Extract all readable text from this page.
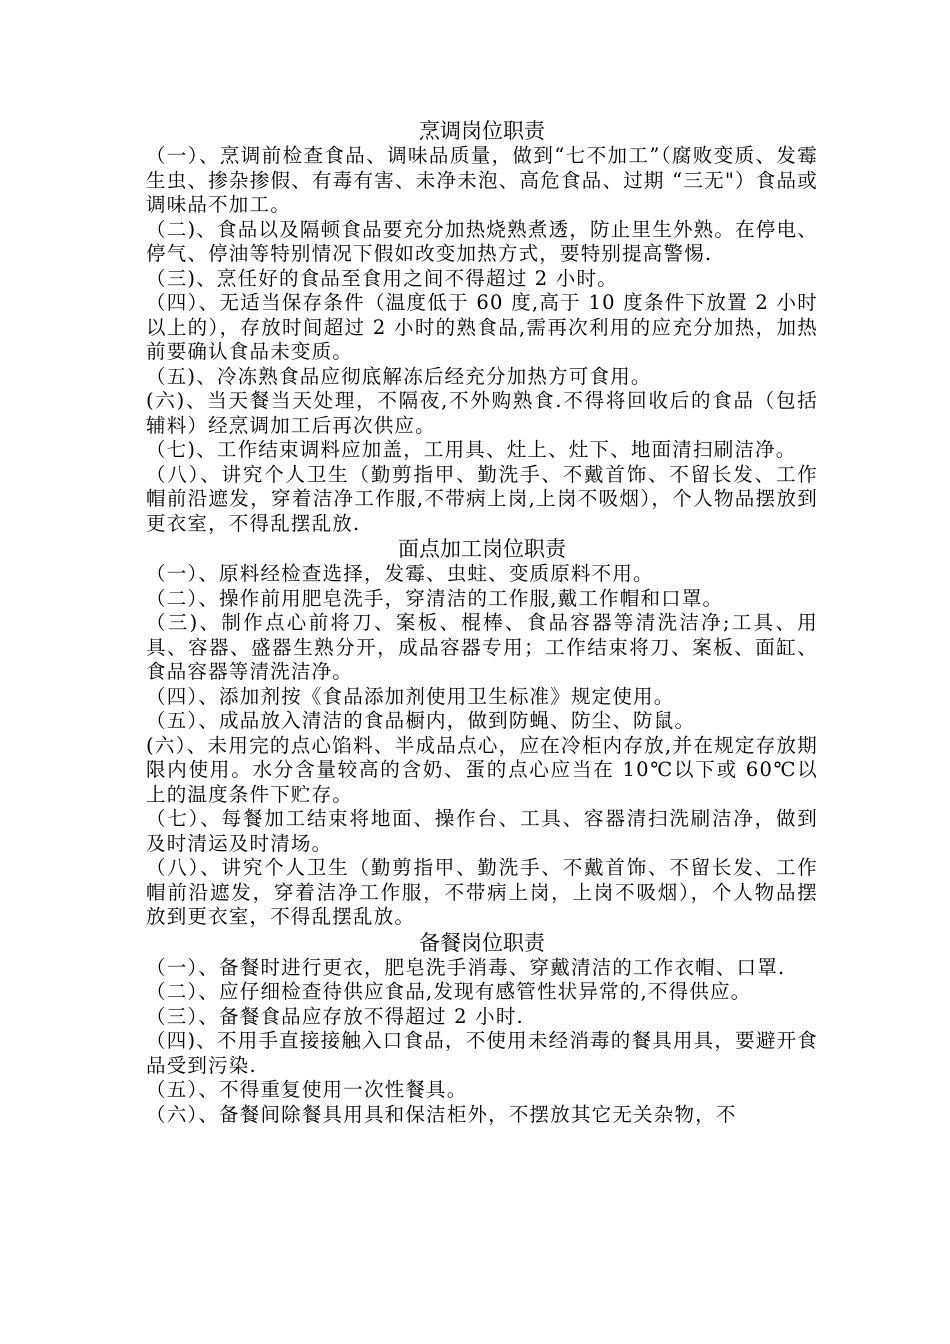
烹调岗位职责

（一）、烹调前检查食品、调味品质量，做到“七不加工”（腐败变质、发霉生虫、掺杂掺假、有毒有害、未净未泡、高危食品、过期 “三无"）食品或调味品不加工。

（二)、食品以及隔顿食品要充分加热烧熟煮透，防止里生外熟。在停电、停气、停油等特别情况下假如改变加热方式，要特别提高警惕.

（三)、烹任好的食品至食用之间不得超过 2 小时。

（四）、无适当保存条件（温度低于 60 度,高于 10 度条件下放置 2 小时以上的），存放时间超过 2 小时的熟食品,需再次利用的应充分加热，加热前要确认食品未变质。

（五)、冷冻熟食品应彻底解冻后经充分加热方可食用。

(六)、当天餐当天处理，不隔夜,不外购熟食.不得将回收后的食品（包括辅料）经烹调加工后再次供应。

（七)、工作结束调料应加盖，工用具、灶上、灶下、地面清扫刷洁净。

（八）、讲究个人卫生（勤剪指甲、勤洗手、不戴首饰、不留长发、工作帽前沿遮发，穿着洁净工作服,不带病上岗,上岗不吸烟），个人物品摆放到更衣室，不得乱摆乱放.

面点加工岗位职责

（一）、原料经检查选择，发霉、虫蛀、变质原料不用。

（二）、操作前用肥皂洗手，穿清洁的工作服,戴工作帽和口罩。

（三)、制作点心前将刀、案板、棍棒、食品容器等清洗洁净;工具、用具、容器、盛器生熟分开，成品容器专用；工作结束将刀、案板、面缸、食品容器等清洗洁净。

（四）、添加剂按《食品添加剂使用卫生标准》规定使用。

（五）、成品放入清洁的食品橱内，做到防蝇、防尘、防鼠。

(六）、未用完的点心馅料、半成品点心，应在冷柜内存放,并在规定存放期限内使用。水分含量较高的含奶、蛋的点心应当在 10℃以下或 60℃以上的温度条件下贮存。

（七）、每餐加工结束将地面、操作台、工具、容器清扫洗刷洁净，做到及时清运及时清场。

（八）、讲究个人卫生（勤剪指甲、勤洗手、不戴首饰、不留长发、工作帽前沿遮发，穿着洁净工作服，不带病上岗，上岗不吸烟），个人物品摆放到更衣室，不得乱摆乱放。

备餐岗位职责

（一）、备餐时进行更衣，肥皂洗手消毒、穿戴清洁的工作衣帽、口罩.

（二）、应仔细检查待供应食品,发现有感管性状异常的,不得供应。

（三）、备餐食品应存放不得超过 2 小时.

（四)、不用手直接接触入口食品，不使用未经消毒的餐具用具，要避开食品受到污染.

（五）、不得重复使用一次性餐具。

（六）、备餐间除餐具用具和保洁柜外，不摆放其它无关杂物，不
